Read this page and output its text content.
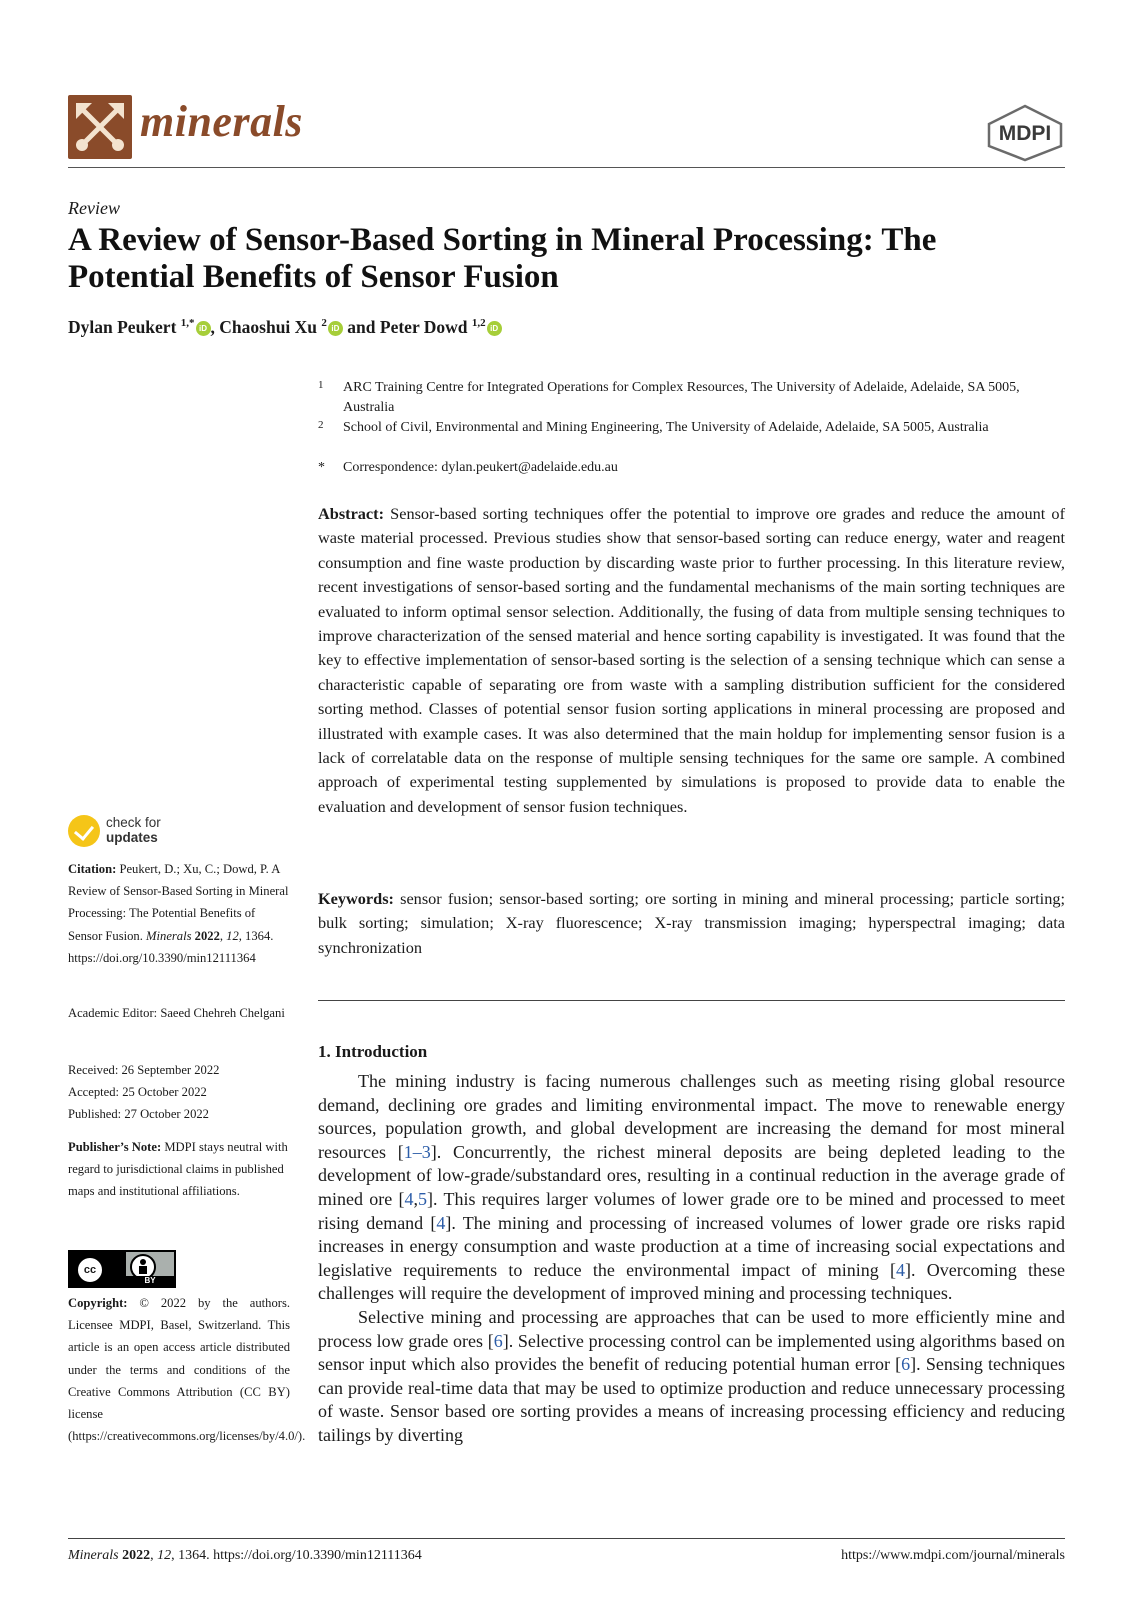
minerals	MDPI
Review
A Review of Sensor-Based Sorting in Mineral Processing: The Potential Benefits of Sensor Fusion
Dylan Peukert $^{1,*}$ iD , Chaoshui Xu $^2$ iD and Peter Dowd $^{1,2}$ iD
1 ARC Training Centre for Integrated Operations for Complex Resources, The University of Adelaide, Adelaide, SA 5005, Australia
2 School of Civil, Environmental and Mining Engineering, The University of Adelaide, Adelaide, SA 5005, Australia
* Correspondence: dylan.peukert@adelaide.edu.au
Abstract: Sensor-based sorting techniques offer the potential to improve ore grades and reduce the amount of waste material processed. Previous studies show that sensor-based sorting can reduce energy, water and reagent consumption and fine waste production by discarding waste prior to further processing. In this literature review, recent investigations of sensor-based sorting and the fundamental mechanisms of the main sorting techniques are evaluated to inform optimal sensor selection. Additionally, the fusing of data from multiple sensing techniques to improve characterization of the sensed material and hence sorting capability is investigated. It was found that the key to effective implementation of sensor-based sorting is the selection of a sensing technique which can sense a characteristic capable of separating ore from waste with a sampling distribution sufficient for the considered sorting method. Classes of potential sensor fusion sorting applications in mineral processing are proposed and illustrated with example cases. It was also determined that the main holdup for implementing sensor fusion is a lack of correlatable data on the response of multiple sensing techniques for the same ore sample. A combined approach of experimental testing supplemented by simulations is proposed to provide data to enable the evaluation and development of sensor fusion techniques.
Keywords: sensor fusion; sensor-based sorting; ore sorting in mining and mineral processing; particle sorting; bulk sorting; simulation; X-ray fluorescence; X-ray transmission imaging; hyperspectral imaging; data synchronization
1. Introduction

The mining industry is facing numerous challenges such as meeting rising global resource demand, declining ore grades and limiting environmental impact. The move to renewable energy sources, population growth, and global development are increasing the demand for most mineral resources [1–3]. Concurrently, the richest mineral deposits are being depleted leading to the development of low-grade/substandard ores, resulting in a continual reduction in the average grade of mined ore [4,5]. This requires larger volumes of lower grade ore to be mined and processed to meet rising demand [4]. The mining and processing of increased volumes of lower grade ore risks rapid increases in energy consumption and waste production at a time of increasing social expectations and legislative requirements to reduce the environmental impact of mining [4]. Overcoming these challenges will require the development of improved mining and processing techniques.

Selective mining and processing are approaches that can be used to more efficiently mine and process low grade ores [6]. Selective processing control can be implemented using algorithms based on sensor input which also provides the benefit of reducing potential human error [6]. Sensing techniques can provide real-time data that may be used to optimize production and reduce unnecessary processing of waste. Sensor based ore sorting provides a means of increasing processing efficiency and reducing tailings by diverting

check for
updates
Citation: Peukert, D.; Xu, C.; Dowd, P. A Review of Sensor-Based Sorting in Mineral Processing: The Potential Benefits of Sensor Fusion. Minerals 2022, 12, 1364. https://doi.org/10.3390/min12111364
Academic Editor: Saeed Chehreh Chelgani
Received: 26 September 2022
Accepted: 25 October 2022
Published: 27 October 2022
Publisher’s Note: MDPI stays neutral with regard to jurisdictional claims in published maps and institutional affiliations.
cc
BY
Copyright: © 2022 by the authors. Licensee MDPI, Basel, Switzerland. This article is an open access article distributed under the terms and conditions of the Creative Commons Attribution (CC BY) license (https://creativecommons.org/licenses/by/4.0/).
Minerals 2022, 12, 1364. https://doi.org/10.3390/min12111364	https://www.mdpi.com/journal/minerals
